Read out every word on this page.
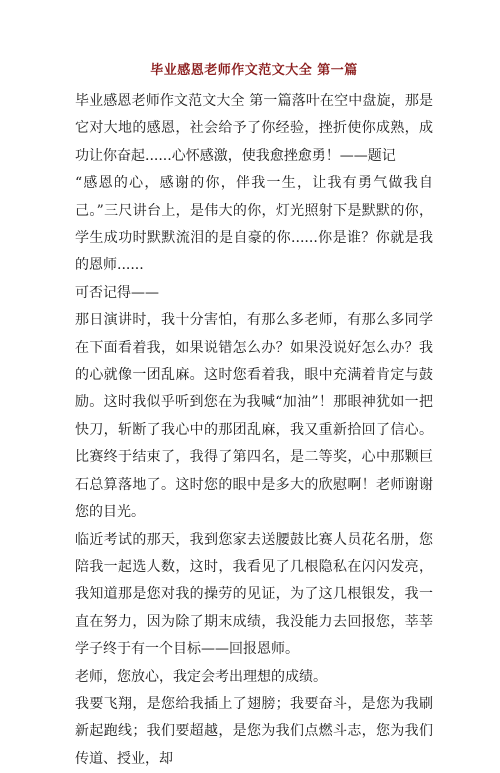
毕业感恩老师作文范文大全 第一篇

毕业感恩老师作文范文大全 第一篇落叶在空中盘旋，那是它对大地的感恩，社会给予了你经验，挫折使你成熟，成功让你奋起......心怀感激，使我愈挫愈勇！——题记

“感恩的心，感谢的你，伴我一生，让我有勇气做我自己。”三尺讲台上，是伟大的你，灯光照射下是默默的你，学生成功时默默流泪的是自豪的你......你是谁？你就是我的恩师......

可否记得——

那日演讲时，我十分害怕，有那么多老师，有那么多同学在下面看着我，如果说错怎么办？如果没说好怎么办？我的心就像一团乱麻。这时您看着我，眼中充满着肯定与鼓励。这时我似乎听到您在为我喊“加油”！那眼神犹如一把快刀，斩断了我心中的那团乱麻，我又重新拾回了信心。比赛终于结束了，我得了第四名，是二等奖，心中那颗巨石总算落地了。这时您的眼中是多大的欣慰啊！老师谢谢您的目光。

临近考试的那天，我到您家去送腰鼓比赛人员花名册，您陪我一起选人数，这时，我看见了几根隐私在闪闪发亮，我知道那是您对我的操劳的见证，为了这几根银发，我一直在努力，因为除了期末成绩，我没能力去回报您，莘莘学子终于有一个目标——回报恩师。

老师，您放心，我定会考出理想的成绩。

我要飞翔，是您给我插上了翅膀；我要奋斗，是您为我刷新起跑线；我们要超越，是您为我们点燃斗志，您为我们传道、授业，却
